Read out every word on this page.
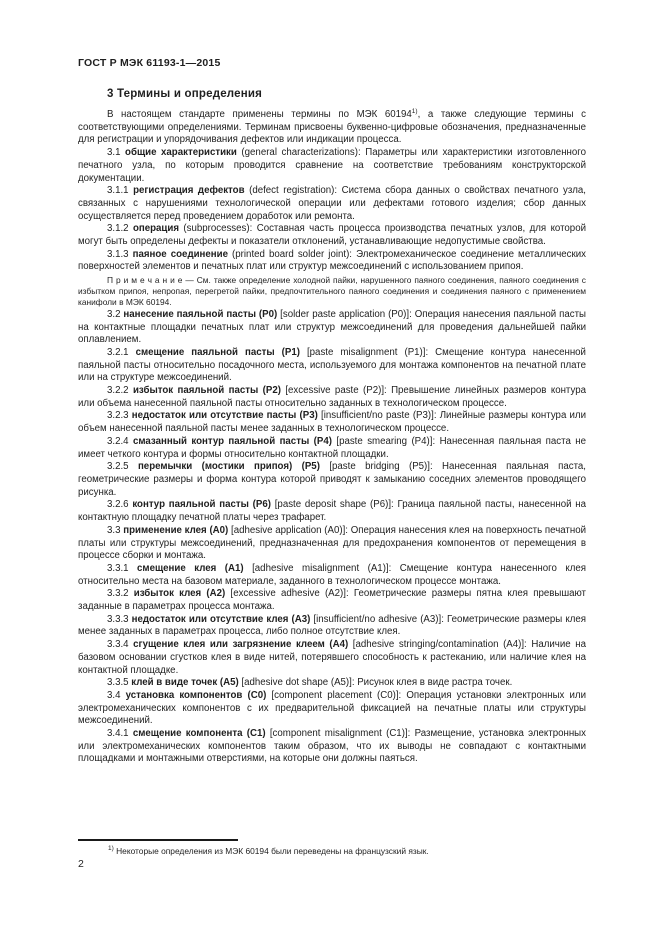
ГОСТ Р МЭК 61193-1—2015
3 Термины и определения

В настоящем стандарте применены термины по МЭК 60194$^{1)}$, а также следующие термины с соответствующими определениями. Терминам присвоены буквенно-цифровые обозначения, предназначенные для регистрации и упорядочивания дефектов или индикации процесса.

3.1 общие характеристики (general characterizations): Параметры или характеристики изготовленного печатного узла, по которым проводится сравнение на соответствие требованиям конструкторской документации.

3.1.1 регистрация дефектов (defect registration): Система сбора данных о свойствах печатного узла, связанных с нарушениями технологической операции или дефектами готового изделия; сбор данных осуществляется перед проведением доработок или ремонта.

3.1.2 операция (subprocesses): Составная часть процесса производства печатных узлов, для которой могут быть определены дефекты и показатели отклонений, устанавливающие недопустимые свойства.

3.1.3 паяное соединение (printed board solder joint): Электромеханическое соединение металлических поверхностей элементов и печатных плат или структур межсоединений с использованием припоя.

П р и м е ч а н и е — См. также определение холодной пайки, нарушенного паяного соединения, паяного соединения с избытком припоя, непропая, перегретой пайки, предпочтительного паяного соединения и соединения паяного с применением канифоли в МЭК 60194.

3.2 нанесение паяльной пасты (P0) [solder paste application (P0)]: Операция нанесения паяльной пасты на контактные площадки печатных плат или структур межсоединений для проведения дальнейшей пайки оплавлением.

3.2.1 смещение паяльной пасты (P1) [paste misalignment (P1)]: Смещение контура нанесенной паяльной пасты относительно посадочного места, используемого для монтажа компонентов на печатной плате или на структуре межсоединений.

3.2.2 избыток паяльной пасты (P2) [excessive paste (P2)]: Превышение линейных размеров контура или объема нанесенной паяльной пасты относительно заданных в технологическом процессе.

3.2.3 недостаток или отсутствие пасты (P3) [insufficient/no paste (P3)]: Линейные размеры контура или объем нанесенной паяльной пасты менее заданных в технологическом процессе.

3.2.4 смазанный контур паяльной пасты (P4) [paste smearing (P4)]: Нанесенная паяльная паста не имеет четкого контура и формы относительно контактной площадки.

3.2.5 перемычки (мостики припоя) (P5) [paste bridging (P5)]: Нанесенная паяльная паста, геометрические размеры и форма контура которой приводят к замыканию соседних элементов проводящего рисунка.

3.2.6 контур паяльной пасты (P6) [paste deposit shape (P6)]: Граница паяльной пасты, нанесенной на контактную площадку печатной платы через трафарет.

3.3 применение клея (A0) [adhesive application (A0)]: Операция нанесения клея на поверхность печатной платы или структуры межсоединений, предназначенная для предохранения компонентов от перемещения в процессе сборки и монтажа.

3.3.1 смещение клея (A1) [adhesive misalignment (A1)]: Смещение контура нанесенного клея относительно места на базовом материале, заданного в технологическом процессе монтажа.

3.3.2 избыток клея (A2) [excessive adhesive (A2)]: Геометрические размеры пятна клея превышают заданные в параметрах процесса монтажа.

3.3.3 недостаток или отсутствие клея (A3) [insufficient/no adhesive (A3)]: Геометрические размеры клея менее заданных в параметрах процесса, либо полное отсутствие клея.

3.3.4 сгущение клея или загрязнение клеем (A4) [adhesive stringing/contamination (A4)]: Наличие на базовом основании сгустков клея в виде нитей, потерявшего способность к растеканию, или наличие клея на контактной площадке.

3.3.5 клей в виде точек (A5) [adhesive dot shape (A5)]: Рисунок клея в виде растра точек.

3.4 установка компонентов (C0) [component placement (C0)]: Операция установки электронных или электромеханических компонентов с их предварительной фиксацией на печатные платы или структуры межсоединений.

3.4.1 смещение компонента (C1) [component misalignment (C1)]: Размещение, установка электронных или электромеханических компонентов таким образом, что их выводы не совпадают с контактными площадками и монтажными отверстиями, на которые они должны паяться.

$^{1)}$ Некоторые определения из МЭК 60194 были переведены на французский язык.

2
